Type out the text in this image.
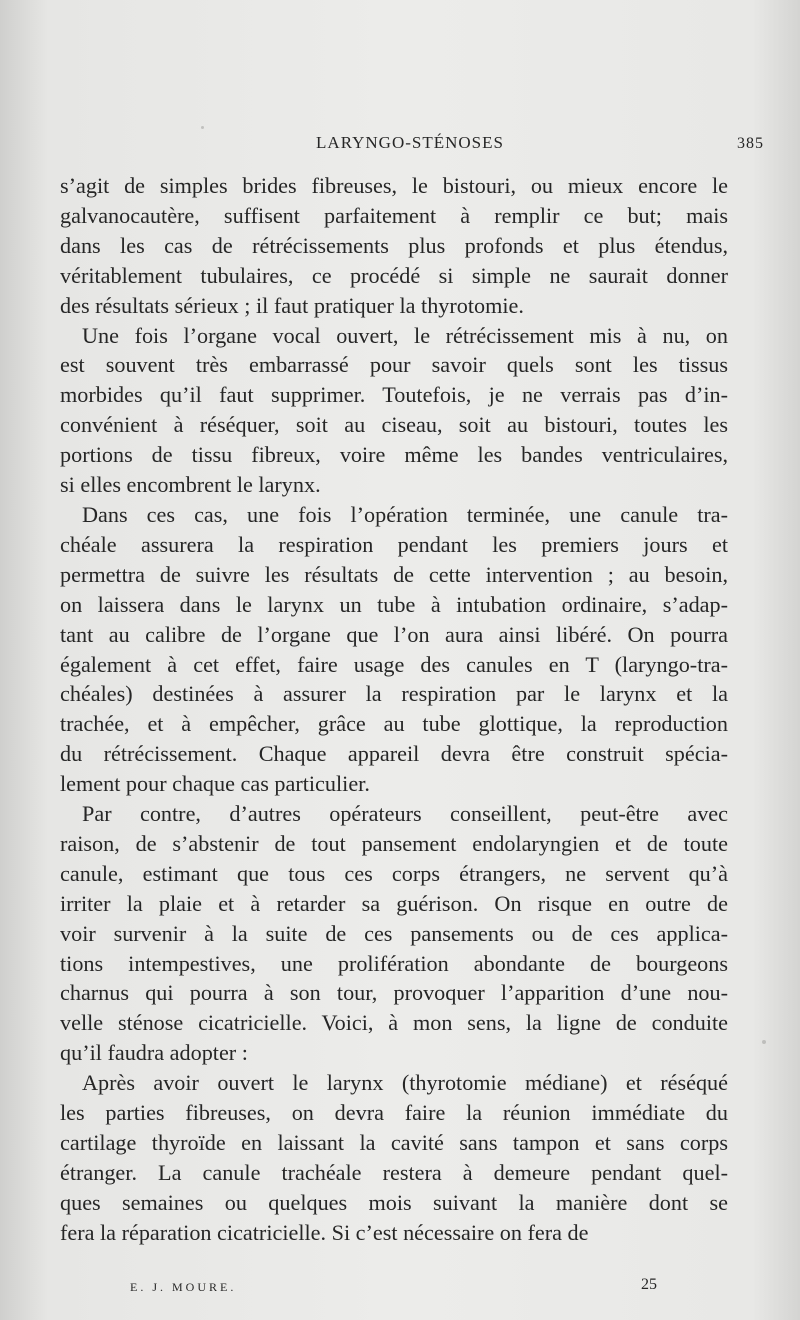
LARYNGO-STÉNOSES	385

s’agit de simples brides fibreuses, le bistouri, ou mieux encore le
galvanocautère, suffisent parfaitement à remplir ce but; mais
dans les cas de rétrécissements plus profonds et plus étendus,
véritablement tubulaires, ce procédé si simple ne saurait donner
des résultats sérieux ; il faut pratiquer la thyrotomie.

Une fois l’organe vocal ouvert, le rétrécissement mis à nu, on
est souvent très embarrassé pour savoir quels sont les tissus
morbides qu’il faut supprimer. Toutefois, je ne verrais pas d’in-
convénient à réséquer, soit au ciseau, soit au bistouri, toutes les
portions de tissu fibreux, voire même les bandes ventriculaires,
si elles encombrent le larynx.

Dans ces cas, une fois l’opération terminée, une canule tra-
chéale assurera la respiration pendant les premiers jours et
permettra de suivre les résultats de cette intervention ; au besoin,
on laissera dans le larynx un tube à intubation ordinaire, s’adap-
tant au calibre de l’organe que l’on aura ainsi libéré. On pourra
également à cet effet, faire usage des canules en T (laryngo-tra-
chéales) destinées à assurer la respiration par le larynx et la
trachée, et à empêcher, grâce au tube glottique, la reproduction
du rétrécissement. Chaque appareil devra être construit spécia-
lement pour chaque cas particulier.

Par contre, d’autres opérateurs conseillent, peut-être avec
raison, de s’abstenir de tout pansement endolaryngien et de toute
canule, estimant que tous ces corps étrangers, ne servent qu’à
irriter la plaie et à retarder sa guérison. On risque en outre de
voir survenir à la suite de ces pansements ou de ces applica-
tions intempestives, une prolifération abondante de bourgeons
charnus qui pourra à son tour, provoquer l’apparition d’une nou-
velle sténose cicatricielle. Voici, à mon sens, la ligne de conduite
qu’il faudra adopter :

Après avoir ouvert le larynx (thyrotomie médiane) et réséqué
les parties fibreuses, on devra faire la réunion immédiate du
cartilage thyroïde en laissant la cavité sans tampon et sans corps
étranger. La canule trachéale restera à demeure pendant quel-
ques semaines ou quelques mois suivant la manière dont se
fera la réparation cicatricielle. Si c’est nécessaire on fera de

E. J. MOURE.	25
